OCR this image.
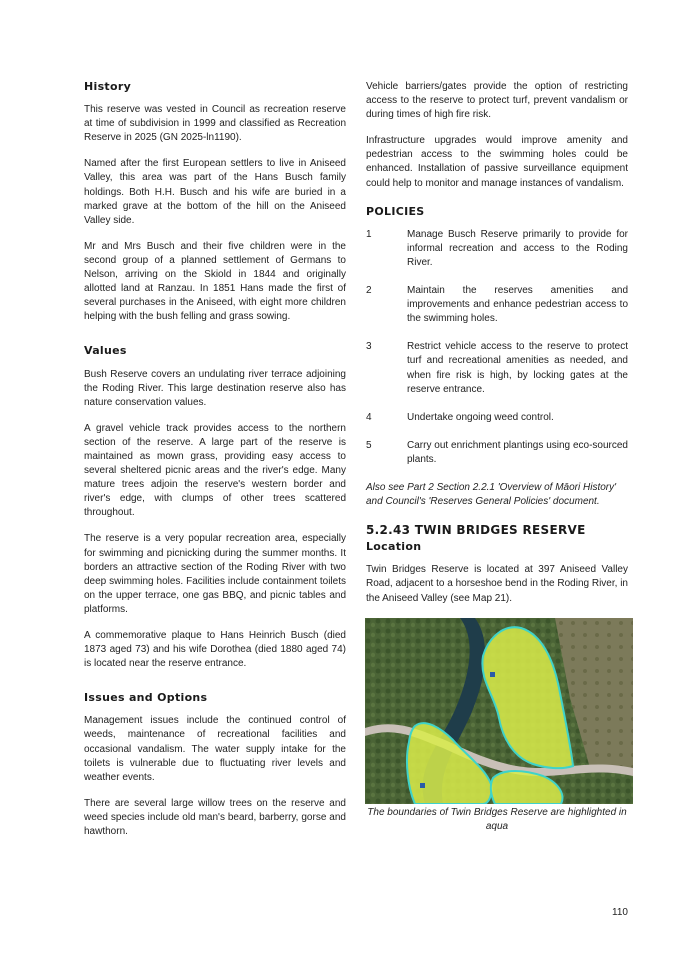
History

This reserve was vested in Council as recreation reserve at time of subdivision in 1999 and classified as Recreation Reserve in 2025 (GN 2025-ln1190).

Named after the first European settlers to live in Aniseed Valley, this area was part of the Hans Busch family holdings. Both H.H. Busch and his wife are buried in a marked grave at the bottom of the hill on the Aniseed Valley side.

Mr and Mrs Busch and their five children were in the second group of a planned settlement of Germans to Nelson, arriving on the Skiold in 1844 and originally allotted land at Ranzau. In 1851 Hans made the first of several purchases in the Aniseed, with eight more children helping with the bush felling and grass sowing.

Values

Bush Reserve covers an undulating river terrace adjoining the Roding River. This large destination reserve also has nature conservation values.

A gravel vehicle track provides access to the northern section of the reserve. A large part of the reserve is maintained as mown grass, providing easy access to several sheltered picnic areas and the river's edge. Many mature trees adjoin the reserve's western border and river's edge, with clumps of other trees scattered throughout.

The reserve is a very popular recreation area, especially for swimming and picnicking during the summer months. It borders an attractive section of the Roding River with two deep swimming holes. Facilities include containment toilets on the upper terrace, one gas BBQ, and picnic tables and platforms.

A commemorative plaque to Hans Heinrich Busch (died 1873 aged 73) and his wife Dorothea (died 1880 aged 74) is located near the reserve entrance.

Issues and Options

Management issues include the continued control of weeds, maintenance of recreational facilities and occasional vandalism. The water supply intake for the toilets is vulnerable due to fluctuating river levels and weather events.

There are several large willow trees on the reserve and weed species include old man's beard, barberry, gorse and hawthorn.

Vehicle barriers/gates provide the option of restricting access to the reserve to protect turf, prevent vandalism or during times of high fire risk.

Infrastructure upgrades would improve amenity and pedestrian access to the swimming holes could be enhanced. Installation of passive surveillance equipment could help to monitor and manage instances of vandalism.

POLICIES
1	Manage Busch Reserve primarily to provide for informal recreation and access to the Roding River.
2	Maintain the reserves amenities and improvements and enhance pedestrian access to the swimming holes.
3	Restrict vehicle access to the reserve to protect turf and recreational amenities as needed, and when fire risk is high, by locking gates at the reserve entrance.
4	Undertake ongoing weed control.
5	Carry out enrichment plantings using eco-sourced plants.

Also see Part 2 Section 2.2.1 'Overview of Māori History' and Council's 'Reserves General Policies' document.

5.2.43 TWIN BRIDGES RESERVE
Location

Twin Bridges Reserve is located at 397 Aniseed Valley Road, adjacent to a horseshoe bend in the Roding River, in the Aniseed Valley (see Map 21).

The boundaries of Twin Bridges Reserve are highlighted in aqua
110
